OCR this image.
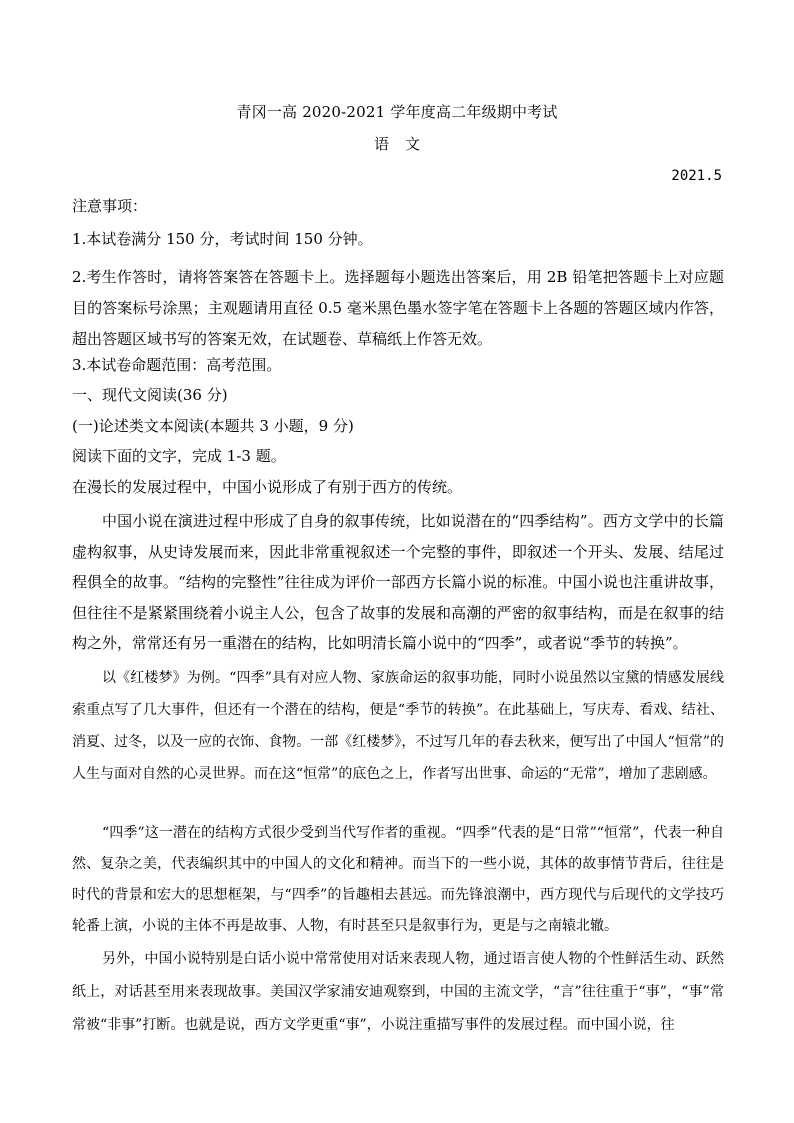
青冈一高 2020-2021 学年度高二年级期中考试
语 文
2021.5
注意事项：
1.本试卷满分 150 分，考试时间 150 分钟。

2.考生作答时，请将答案答在答题卡上。选择题每小题选出答案后，用 2B 铅笔把答题卡上对应题目的答案标号涂黑；主观题请用直径 0.5 毫米黑色墨水签字笔在答题卡上各题的答题区域内作答，超出答题区域书写的答案无效，在试题卷、草稿纸上作答无效。

3.本试卷命题范围：高考范围。
一、现代文阅读(36 分)
(一)论述类文本阅读(本题共 3 小题，9 分)
阅读下面的文字，完成 1-3 题。
在漫长的发展过程中，中国小说形成了有别于西方的传统。

中国小说在演进过程中形成了自身的叙事传统，比如说潜在的“四季结构”。西方文学中的长篇虚构叙事，从史诗发展而来，因此非常重视叙述一个完整的事件，即叙述一个开头、发展、结尾过程俱全的故事。“结构的完整性”往往成为评价一部西方长篇小说的标准。中国小说也注重讲故事，但往往不是紧紧围绕着小说主人公，包含了故事的发展和高潮的严密的叙事结构，而是在叙事的结构之外，常常还有另一重潜在的结构，比如明清长篇小说中的“四季”，或者说“季节的转换”。

以《红楼梦》为例。“四季”具有对应人物、家族命运的叙事功能，同时小说虽然以宝黛的情感发展线索重点写了几大事件，但还有一个潜在的结构，便是“季节的转换”。在此基础上，写庆寿、看戏、结社、消夏、过冬，以及一应的衣饰、食物。一部《红楼梦》，不过写几年的春去秋来，便写出了中国人“恒常”的人生与面对自然的心灵世界。而在这“恒常”的底色之上，作者写出世事、命运的“无常”，增加了悲剧感。

“四季”这一潜在的结构方式很少受到当代写作者的重视。“四季”代表的是“日常”“恒常”，代表一种自然、复杂之美，代表编织其中的中国人的文化和精神。而当下的一些小说，其体的故事情节背后，往往是时代的背景和宏大的思想框架，与“四季”的旨趣相去甚远。而先锋浪潮中，西方现代与后现代的文学技巧轮番上演，小说的主体不再是故事、人物，有时甚至只是叙事行为，更是与之南辕北辙。

另外，中国小说特别是白话小说中常常使用对话来表现人物，通过语言使人物的个性鲜活生动、跃然纸上，对话甚至用来表现故事。美国汉学家浦安迪观察到，中国的主流文学，“言”往往重于“事”，“事”常常被“非事”打断。也就是说，西方文学更重“事”，小说注重描写事件的发展过程。而中国小说，往
